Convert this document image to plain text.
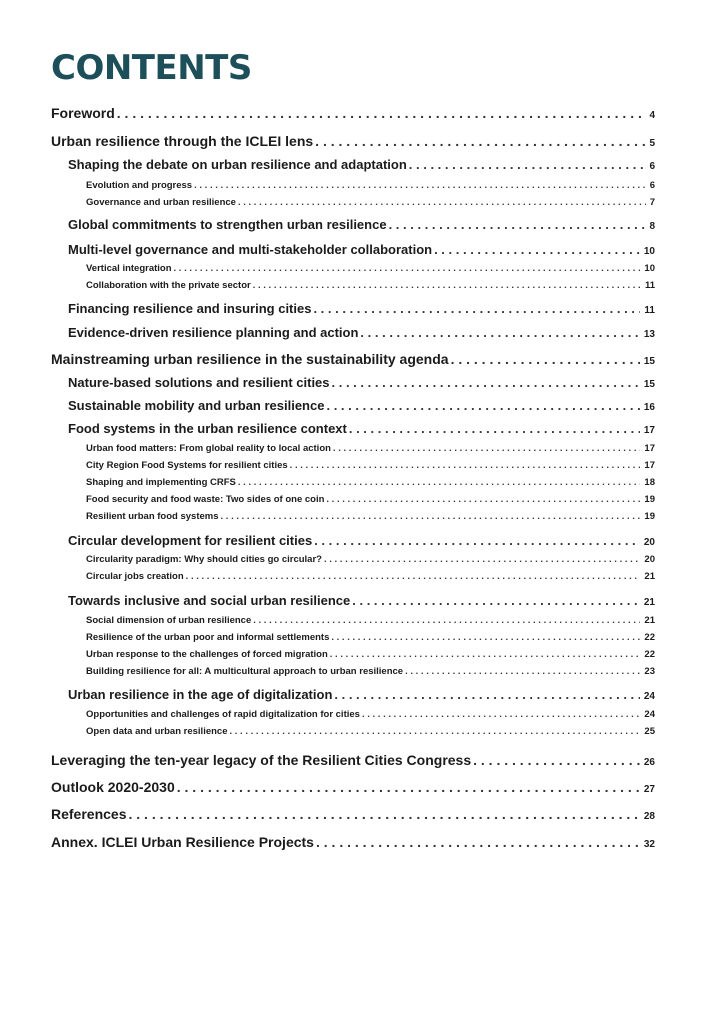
CONTENTS
Foreword . . .	4
Urban resilience through the ICLEI lens . . .	5
Shaping the debate on urban resilience and adaptation . . .	6
Evolution and progress . . .	6
Governance and urban resilience . . .	7
Global commitments to strengthen urban resilience . . .	8
Multi-level governance and multi-stakeholder collaboration . . .	10
Vertical integration . . .	10
Collaboration with the private sector . . .	11
Financing resilience and insuring cities . . .	11
Evidence-driven resilience planning and action . . .	13
Mainstreaming urban resilience in the sustainability agenda . . .	15
Nature-based solutions and resilient cities . . .	15
Sustainable mobility and urban resilience . . .	16
Food systems in the urban resilience context . . .	17
Urban food matters: From global reality to local action . . .	17
City Region Food Systems for resilient cities . . .	17
Shaping and implementing CRFS . . .	18
Food security and food waste: Two sides of one coin . . .	19
Resilient urban food systems . . .	19
Circular development for resilient cities . . .	20
Circularity paradigm: Why should cities go circular? . . .	20
Circular jobs creation . . .	21
Towards inclusive and social urban resilience . . .	21
Social dimension of urban resilience . . .	21
Resilience of the urban poor and informal settlements . . .	22
Urban response to the challenges of forced migration . . .	22
Building resilience for all: A multicultural approach to urban resilience . . .	23
Urban resilience in the age of digitalization . . .	24
Opportunities and challenges of rapid digitalization for cities . . .	24
Open data and urban resilience . . .	25
Leveraging the ten-year legacy of the Resilient Cities Congress . . .	26
Outlook 2020-2030 . . .	27
References . . .	28
Annex. ICLEI Urban Resilience Projects . . .	32
